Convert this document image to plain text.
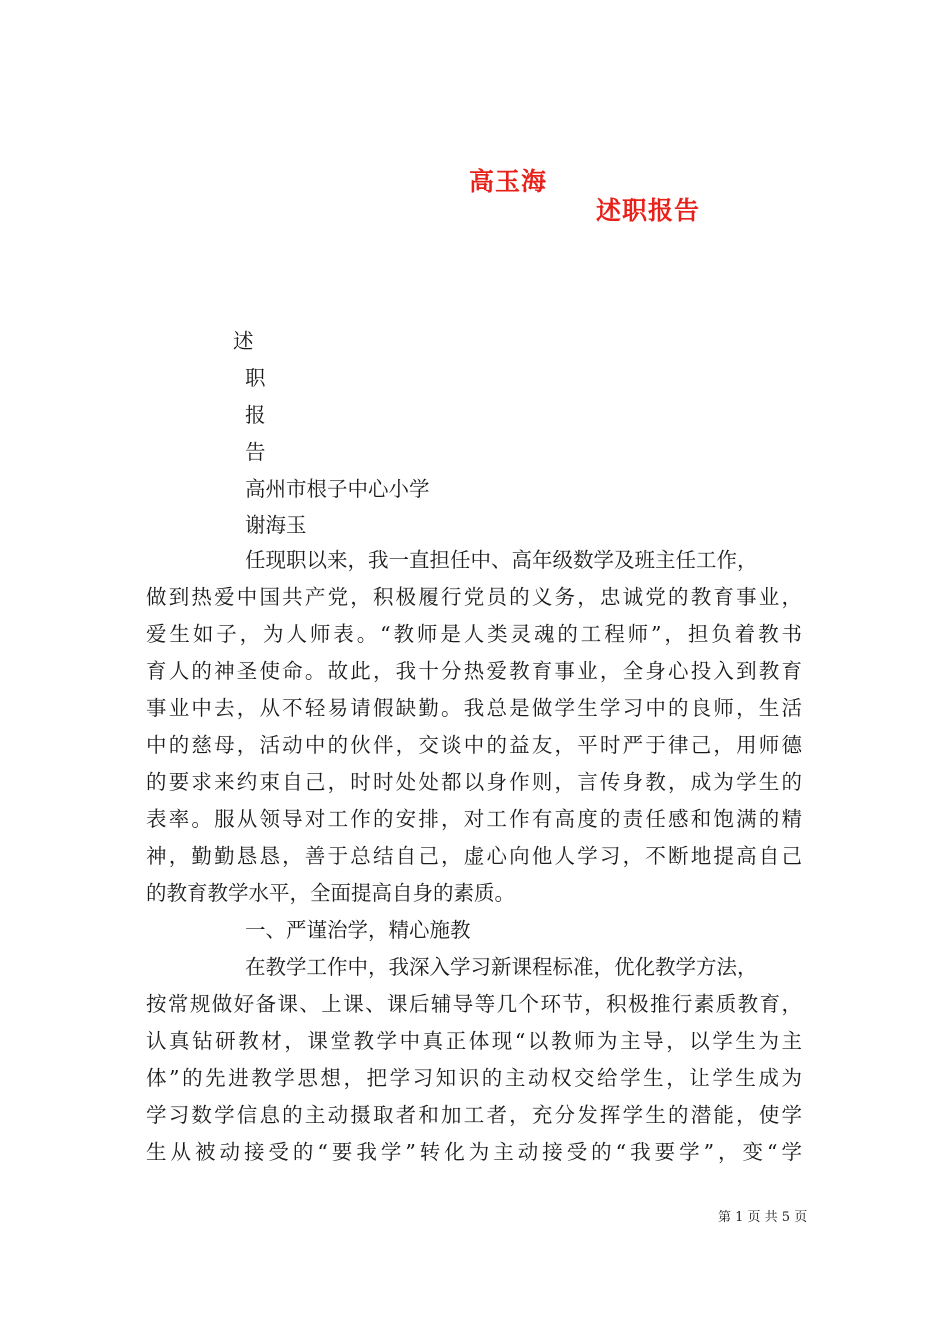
高玉海

述职报告

述
职
报
告
高州市根子中心小学
谢海玉
任现职以来，我一直担任中、高年级数学及班主任工作，
做到热爱中国共产党，积极履行党员的义务，忠诚党的教育事业，
爱生如子，为人师表。“教师是人类灵魂的工程师”，担负着教书
育人的神圣使命。故此，我十分热爱教育事业，全身心投入到教育
事业中去，从不轻易请假缺勤。我总是做学生学习中的良师，生活
中的慈母，活动中的伙伴，交谈中的益友，平时严于律己，用师德
的要求来约束自己，时时处处都以身作则，言传身教，成为学生的
表率。服从领导对工作的安排，对工作有高度的责任感和饱满的精
神，勤勤恳恳，善于总结自己，虚心向他人学习，不断地提高自己
的教育教学水平，全面提高自身的素质。
一、严谨治学，精心施教
在教学工作中，我深入学习新课程标准，优化教学方法，
按常规做好备课、上课、课后辅导等几个环节，积极推行素质教育，
认真钻研教材，课堂教学中真正体现“以教师为主导，以学生为主
体”的先进教学思想，把学习知识的主动权交给学生，让学生成为
学习数学信息的主动摄取者和加工者，充分发挥学生的潜能，使学
生从被动接受的“要我学”转化为主动接受的“我要学”，变“学
第 1 页 共 5 页
